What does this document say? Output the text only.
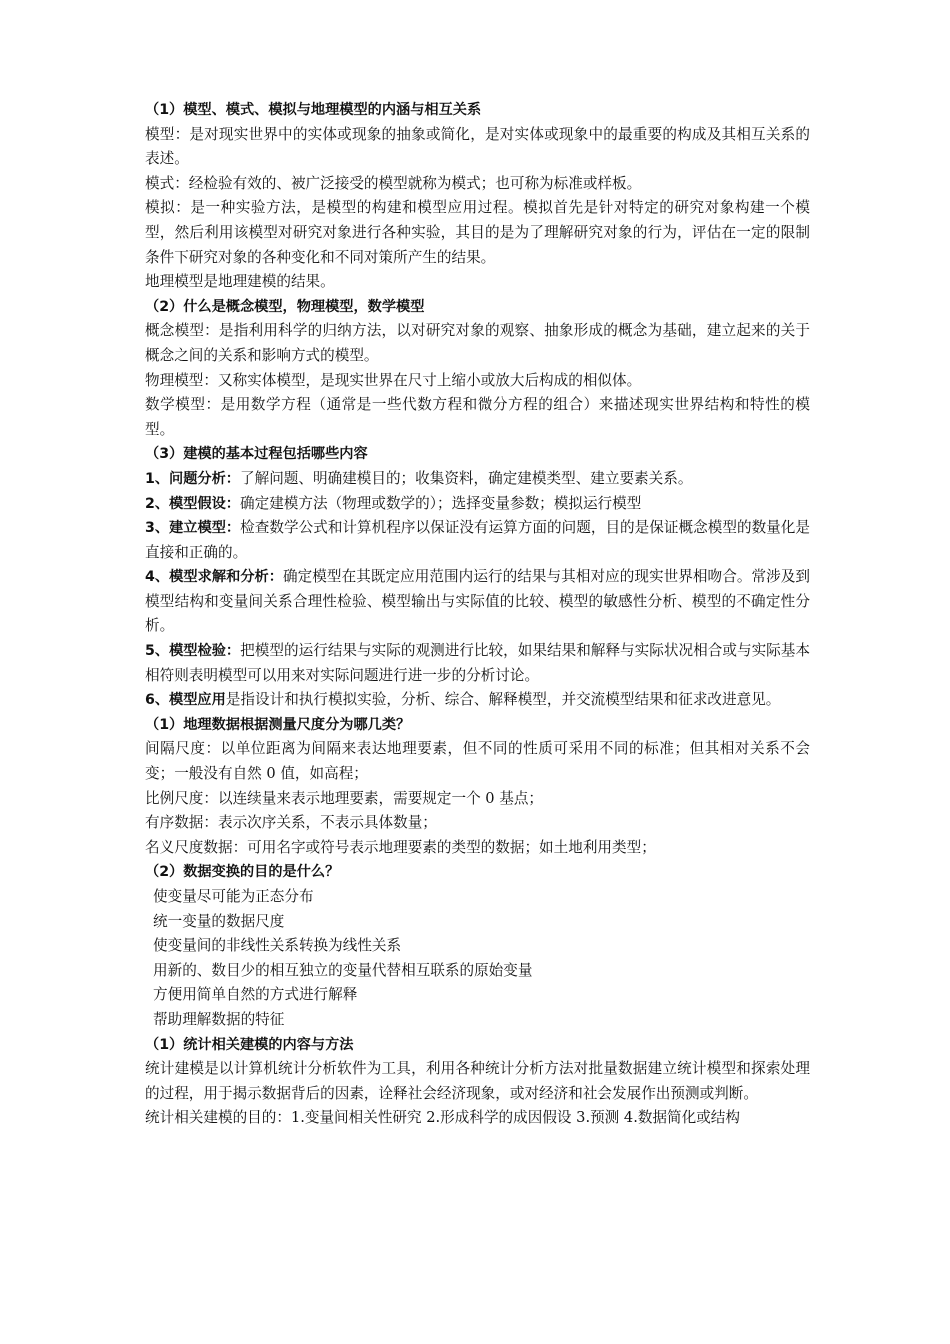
（1）模型、模式、模拟与地理模型的内涵与相互关系

模型：是对现实世界中的实体或现象的抽象或简化，是对实体或现象中的最重要的构成及其相互关系的表述。

模式：经检验有效的、被广泛接受的模型就称为模式；也可称为标准或样板。

模拟：是一种实验方法，是模型的构建和模型应用过程。模拟首先是针对特定的研究对象构建一个模型，然后利用该模型对研究对象进行各种实验，其目的是为了理解研究对象的行为，评估在一定的限制条件下研究对象的各种变化和不同对策所产生的结果。

地理模型是地理建模的结果。

（2）什么是概念模型，物理模型，数学模型

概念模型：是指利用科学的归纳方法，以对研究对象的观察、抽象形成的概念为基础，建立起来的关于概念之间的关系和影响方式的模型。

物理模型：又称实体模型，是现实世界在尺寸上缩小或放大后构成的相似体。

数学模型：是用数学方程（通常是一些代数方程和微分方程的组合）来描述现实世界结构和特性的模型。

（3）建模的基本过程包括哪些内容

1、问题分析：了解问题、明确建模目的；收集资料，确定建模类型、建立要素关系。

2、模型假设：确定建模方法（物理或数学的）；选择变量参数；模拟运行模型

3、建立模型：检查数学公式和计算机程序以保证没有运算方面的问题，目的是保证概念模型的数量化是直接和正确的。

4、模型求解和分析：确定模型在其既定应用范围内运行的结果与其相对应的现实世界相吻合。常涉及到模型结构和变量间关系合理性检验、模型输出与实际值的比较、模型的敏感性分析、模型的不确定性分析。

5、模型检验：把模型的运行结果与实际的观测进行比较，如果结果和解释与实际状况相合或与实际基本相符则表明模型可以用来对实际问题进行进一步的分析讨论。

6、模型应用是指设计和执行模拟实验，分析、综合、解释模型，并交流模型结果和征求改进意见。

（1）地理数据根据测量尺度分为哪几类？

间隔尺度：以单位距离为间隔来表达地理要素，但不同的性质可采用不同的标准；但其相对关系不会变；一般没有自然 0 值，如高程；

比例尺度：以连续量来表示地理要素，需要规定一个 0 基点；

有序数据：表示次序关系，不表示具体数量；

名义尺度数据：可用名字或符号表示地理要素的类型的数据；如土地利用类型；

（2）数据变换的目的是什么？

使变量尽可能为正态分布

统一变量的数据尺度

使变量间的非线性关系转换为线性关系

用新的、数目少的相互独立的变量代替相互联系的原始变量

方便用简单自然的方式进行解释

帮助理解数据的特征

（1）统计相关建模的内容与方法

统计建模是以计算机统计分析软件为工具，利用各种统计分析方法对批量数据建立统计模型和探索处理的过程，用于揭示数据背后的因素，诠释社会经济现象，或对经济和社会发展作出预测或判断。

统计相关建模的目的：1.变量间相关性研究 2.形成科学的成因假设 3.预测 4.数据简化或结构
